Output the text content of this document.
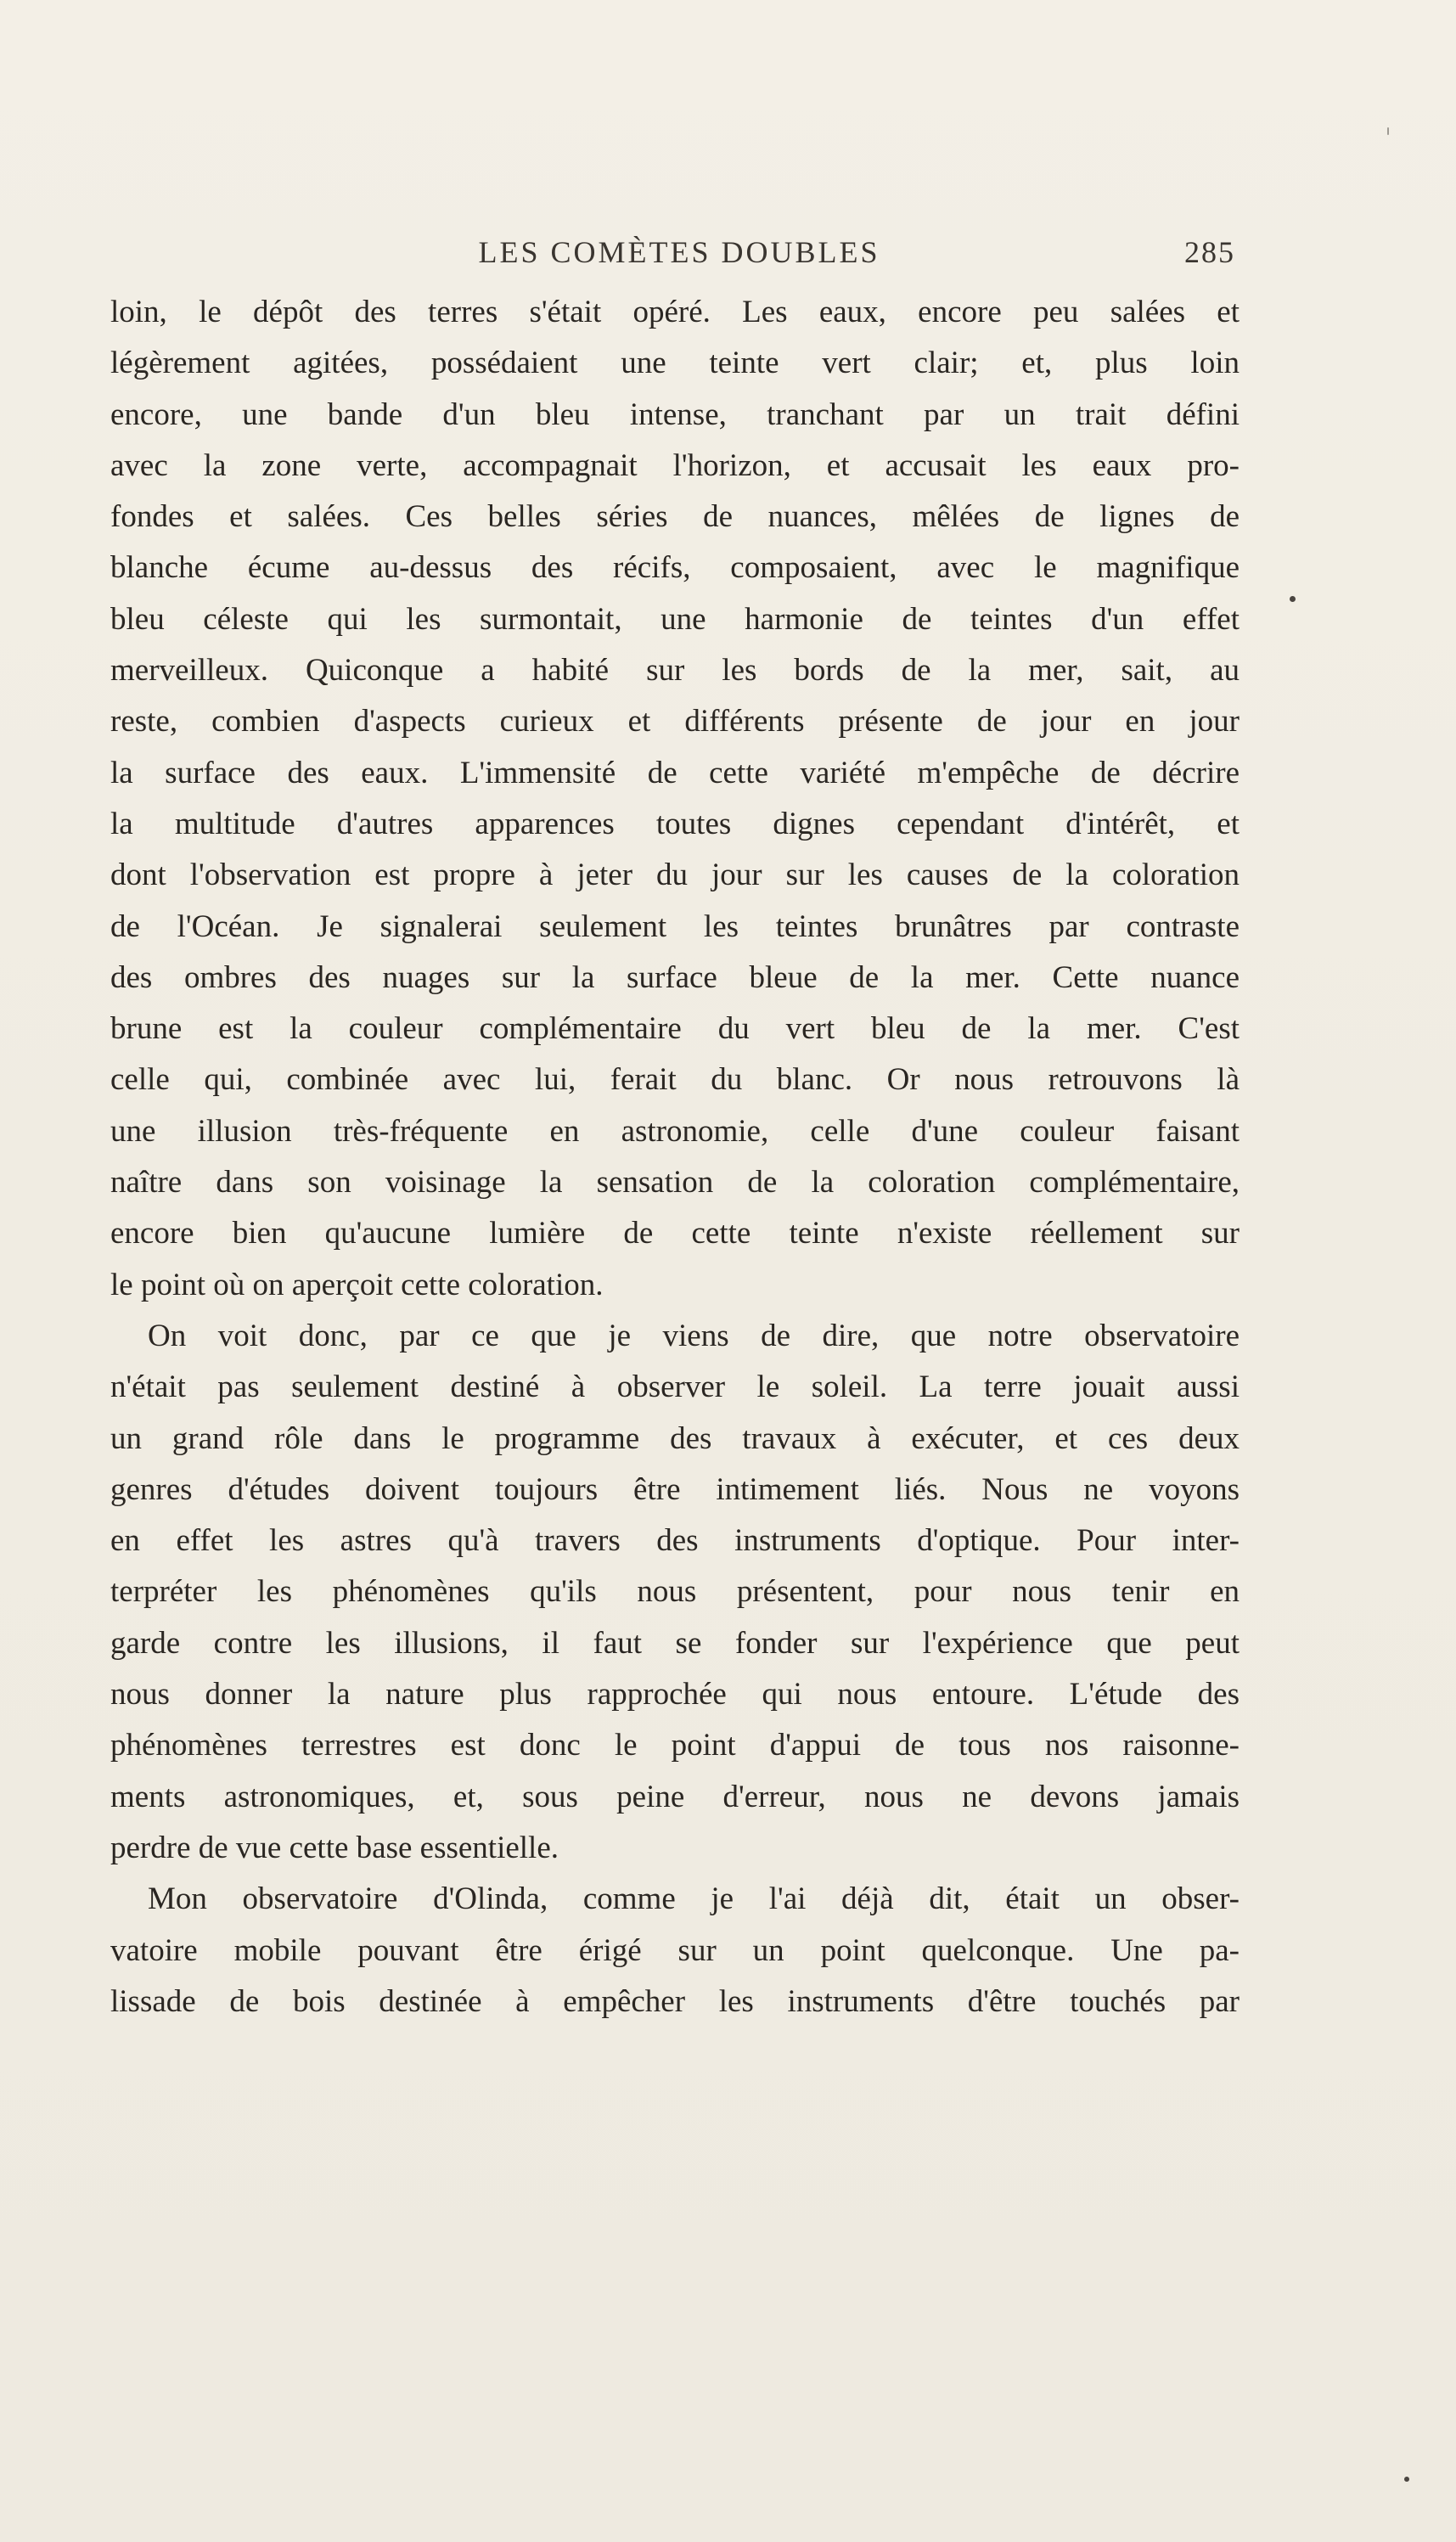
LES COMÈTES DOUBLES	285
loin, le dépôt des terres s'était opéré. Les eaux, encore peu salées et
légèrement agitées, possédaient une teinte vert clair; et, plus loin
encore, une bande d'un bleu intense, tranchant par un trait défini
avec la zone verte, accompagnait l'horizon, et accusait les eaux pro-
fondes et salées. Ces belles séries de nuances, mêlées de lignes de
blanche écume au-dessus des récifs, composaient, avec le magnifique
bleu céleste qui les surmontait, une harmonie de teintes d'un effet
merveilleux. Quiconque a habité sur les bords de la mer, sait, au
reste, combien d'aspects curieux et différents présente de jour en jour
la surface des eaux. L'immensité de cette variété m'empêche de décrire
la multitude d'autres apparences toutes dignes cependant d'intérêt, et
dont l'observation est propre à jeter du jour sur les causes de la coloration
de l'Océan. Je signalerai seulement les teintes brunâtres par contraste
des ombres des nuages sur la surface bleue de la mer. Cette nuance
brune est la couleur complémentaire du vert bleu de la mer. C'est
celle qui, combinée avec lui, ferait du blanc. Or nous retrouvons là
une illusion très-fréquente en astronomie, celle d'une couleur faisant
naître dans son voisinage la sensation de la coloration complémentaire,
encore bien qu'aucune lumière de cette teinte n'existe réellement sur
le point où on aperçoit cette coloration.
On voit donc, par ce que je viens de dire, que notre observatoire
n'était pas seulement destiné à observer le soleil. La terre jouait aussi
un grand rôle dans le programme des travaux à exécuter, et ces deux
genres d'études doivent toujours être intimement liés. Nous ne voyons
en effet les astres qu'à travers des instruments d'optique. Pour inter-
terpréter les phénomènes qu'ils nous présentent, pour nous tenir en
garde contre les illusions, il faut se fonder sur l'expérience que peut
nous donner la nature plus rapprochée qui nous entoure. L'étude des
phénomènes terrestres est donc le point d'appui de tous nos raisonne-
ments astronomiques, et, sous peine d'erreur, nous ne devons jamais
perdre de vue cette base essentielle.
Mon observatoire d'Olinda, comme je l'ai déjà dit, était un obser-
vatoire mobile pouvant être érigé sur un point quelconque. Une pa-
lissade de bois destinée à empêcher les instruments d'être touchés par
